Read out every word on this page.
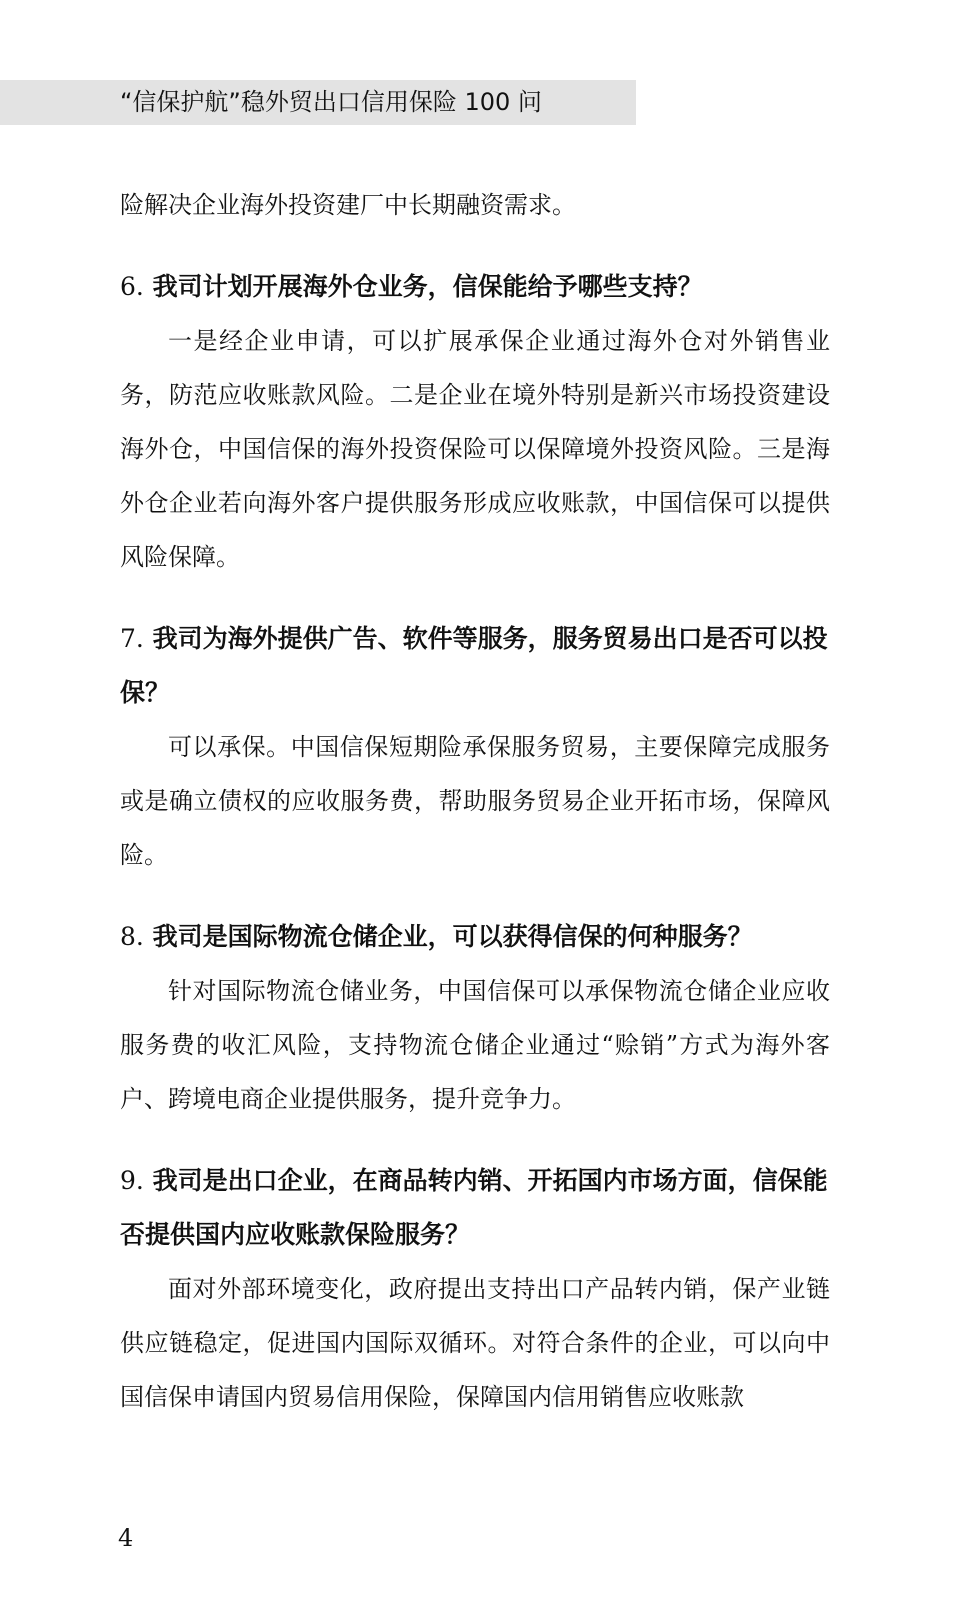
“信保护航”稳外贸出口信用保险 100 问

险解决企业海外投资建厂中长期融资需求。

6. 我司计划开展海外仓业务，信保能给予哪些支持？

一是经企业申请，可以扩展承保企业通过海外仓对外销售业务，防范应收账款风险。二是企业在境外特别是新兴市场投资建设海外仓，中国信保的海外投资保险可以保障境外投资风险。三是海外仓企业若向海外客户提供服务形成应收账款，中国信保可以提供风险保障。

7. 我司为海外提供广告、软件等服务，服务贸易出口是否可以投保？

可以承保。中国信保短期险承保服务贸易，主要保障完成服务或是确立债权的应收服务费，帮助服务贸易企业开拓市场，保障风险。

8. 我司是国际物流仓储企业，可以获得信保的何种服务？

针对国际物流仓储业务，中国信保可以承保物流仓储企业应收服务费的收汇风险，支持物流仓储企业通过“赊销”方式为海外客户、跨境电商企业提供服务，提升竞争力。

9. 我司是出口企业，在商品转内销、开拓国内市场方面，信保能否提供国内应收账款保险服务？

面对外部环境变化，政府提出支持出口产品转内销，保产业链供应链稳定，促进国内国际双循环。对符合条件的企业，可以向中国信保申请国内贸易信用保险，保障国内信用销售应收账款

4
